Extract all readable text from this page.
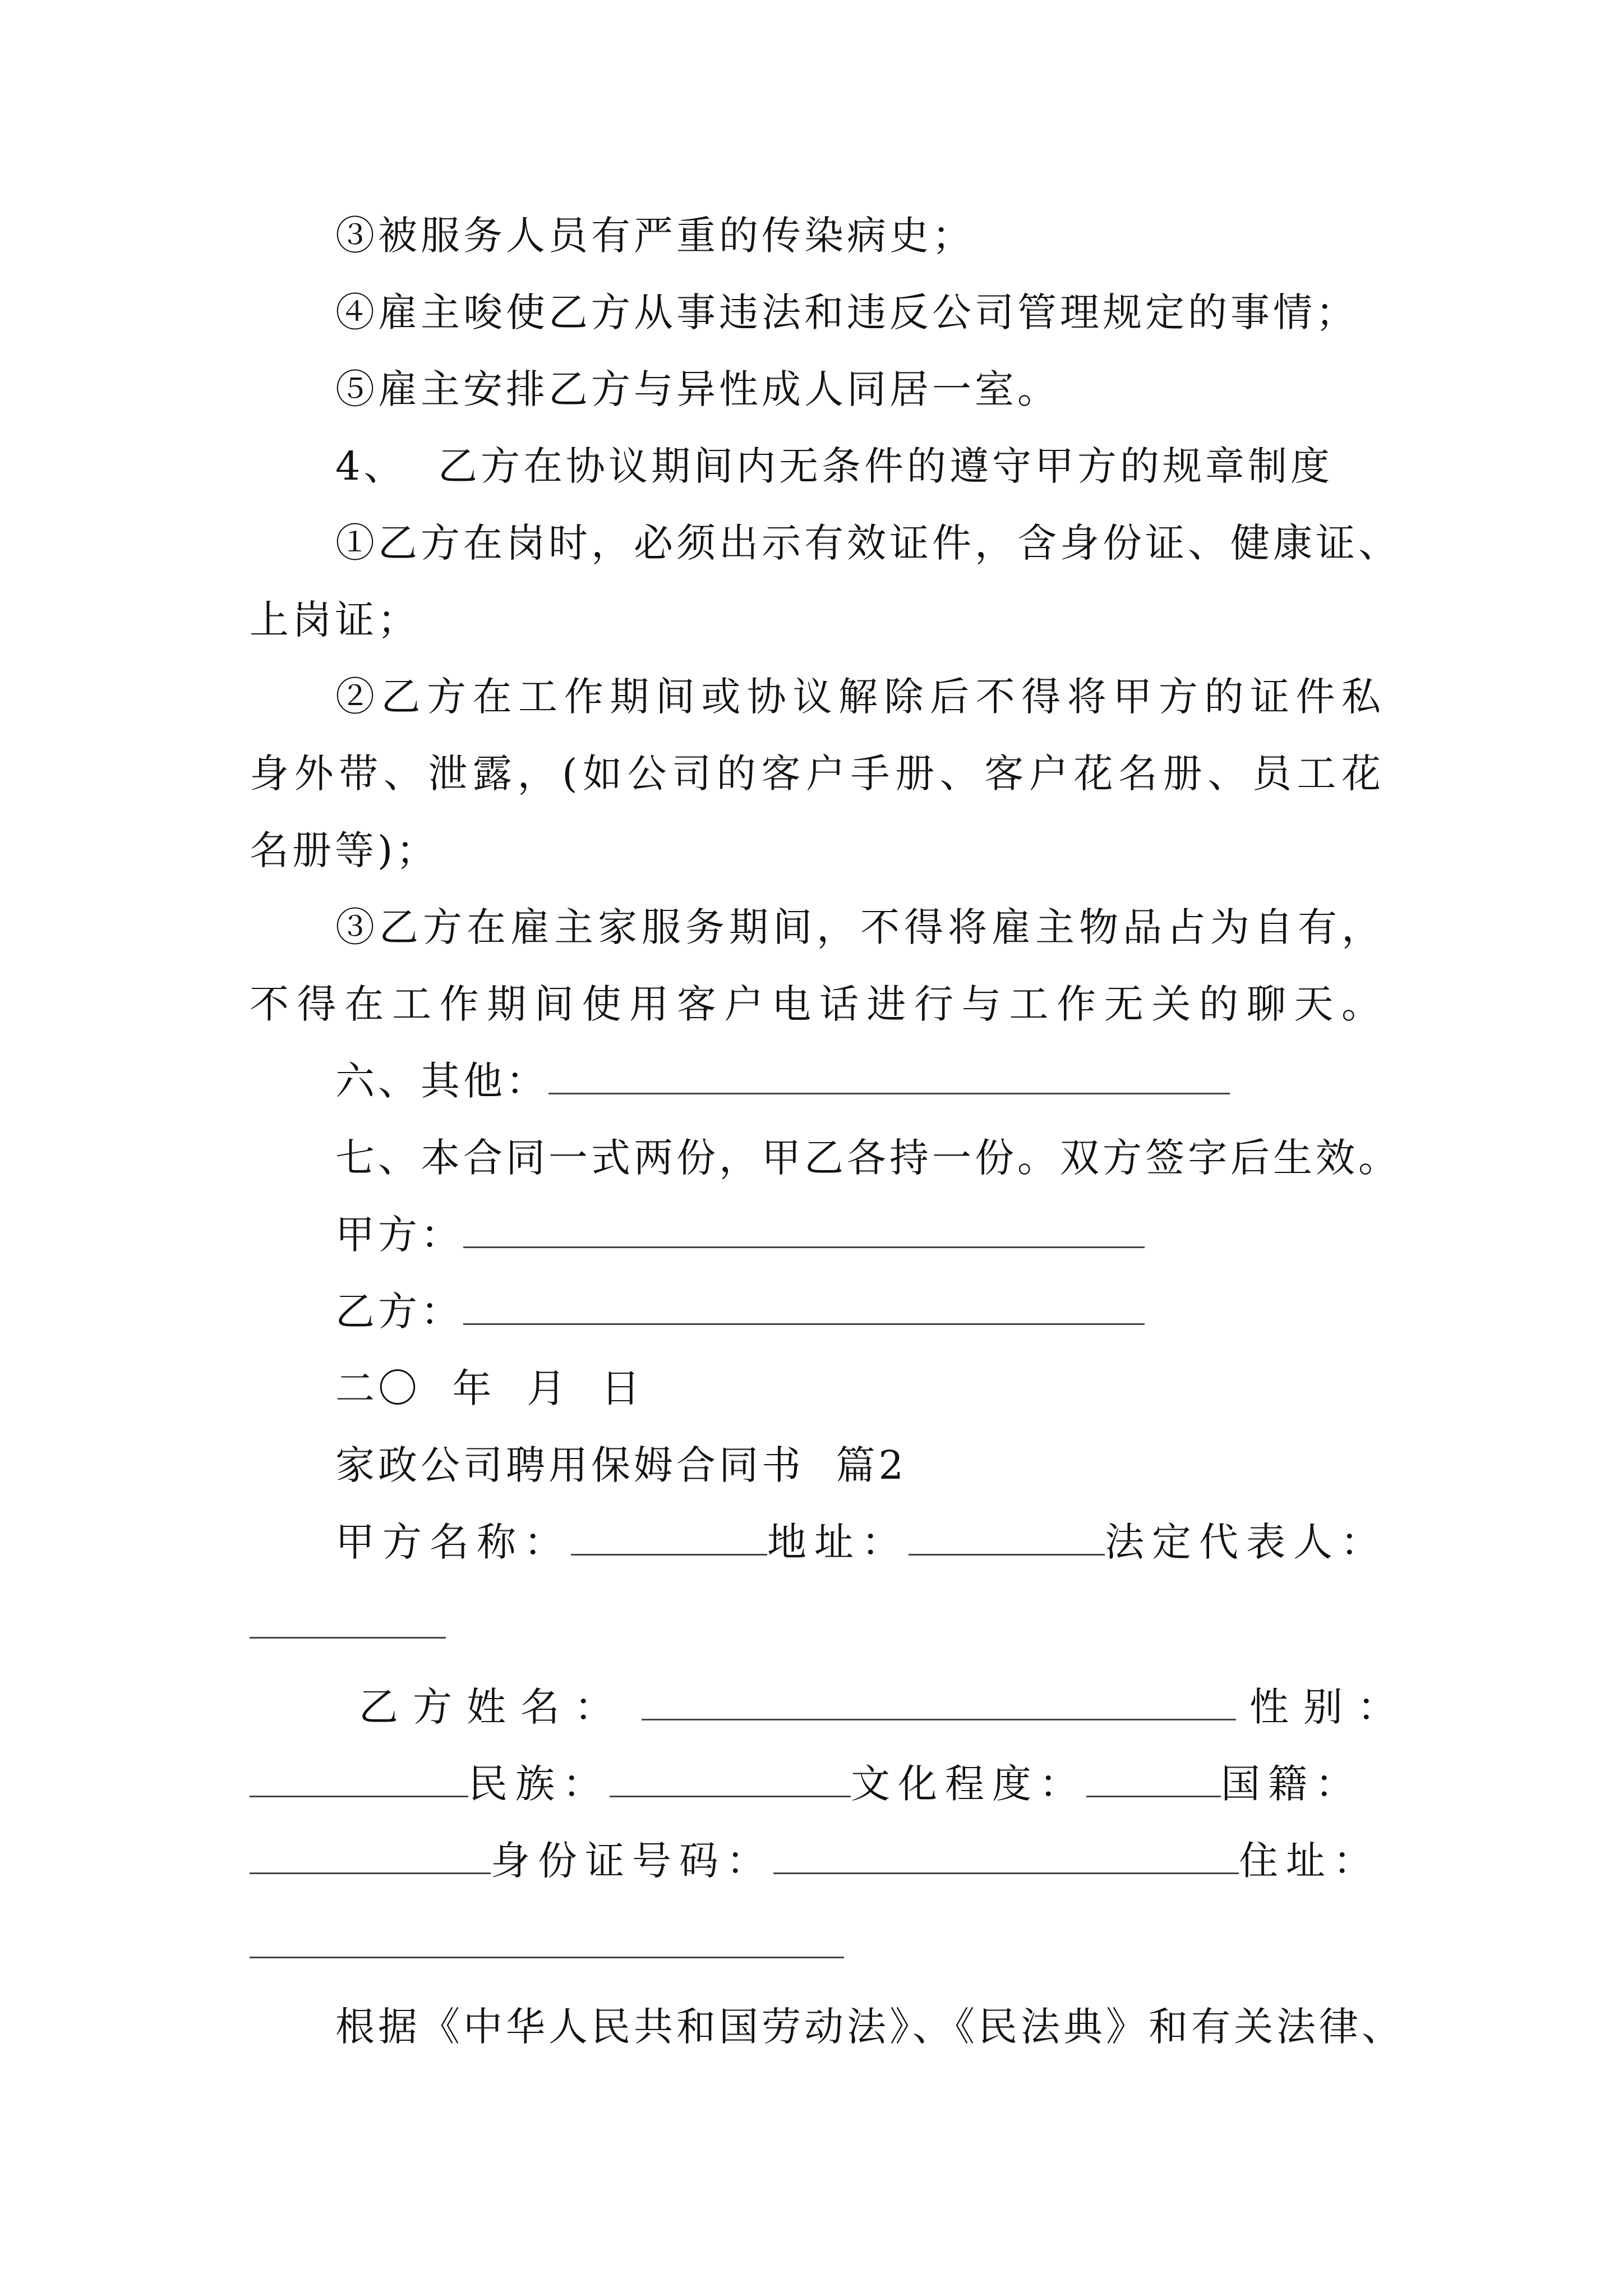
③被服务人员有严重的传染病史；
④雇主唆使乙方从事违法和违反公司管理规定的事情；
⑤雇主安排乙方与异性成人同居一室。
4、  乙方在协议期间内无条件的遵守甲方的规章制度
①乙方在岗时，必须出示有效证件，含身份证、健康证、
上岗证；
②乙方在工作期间或协议解除后不得将甲方的证件私
身外带、泄露，(如公司的客户手册、客户花名册、员工花
名册等)；
③乙方在雇主家服务期间，不得将雇主物品占为自有，
不得在工作期间使用客户电话进行与工作无关的聊天。
六、其他：
七、本合同一式两份，甲乙各持一份。双方签字后生效。
甲方：
乙方：
二〇  年  月  日
家政公司聘用保姆合同书  篇2
甲方名称：	地址：	法定代表人：
乙方姓名：	性别：
民族：	文化程度：	国籍：
身份证号码：	住址：
根据《中华人民共和国劳动法》、《民法典》和有关法律、
